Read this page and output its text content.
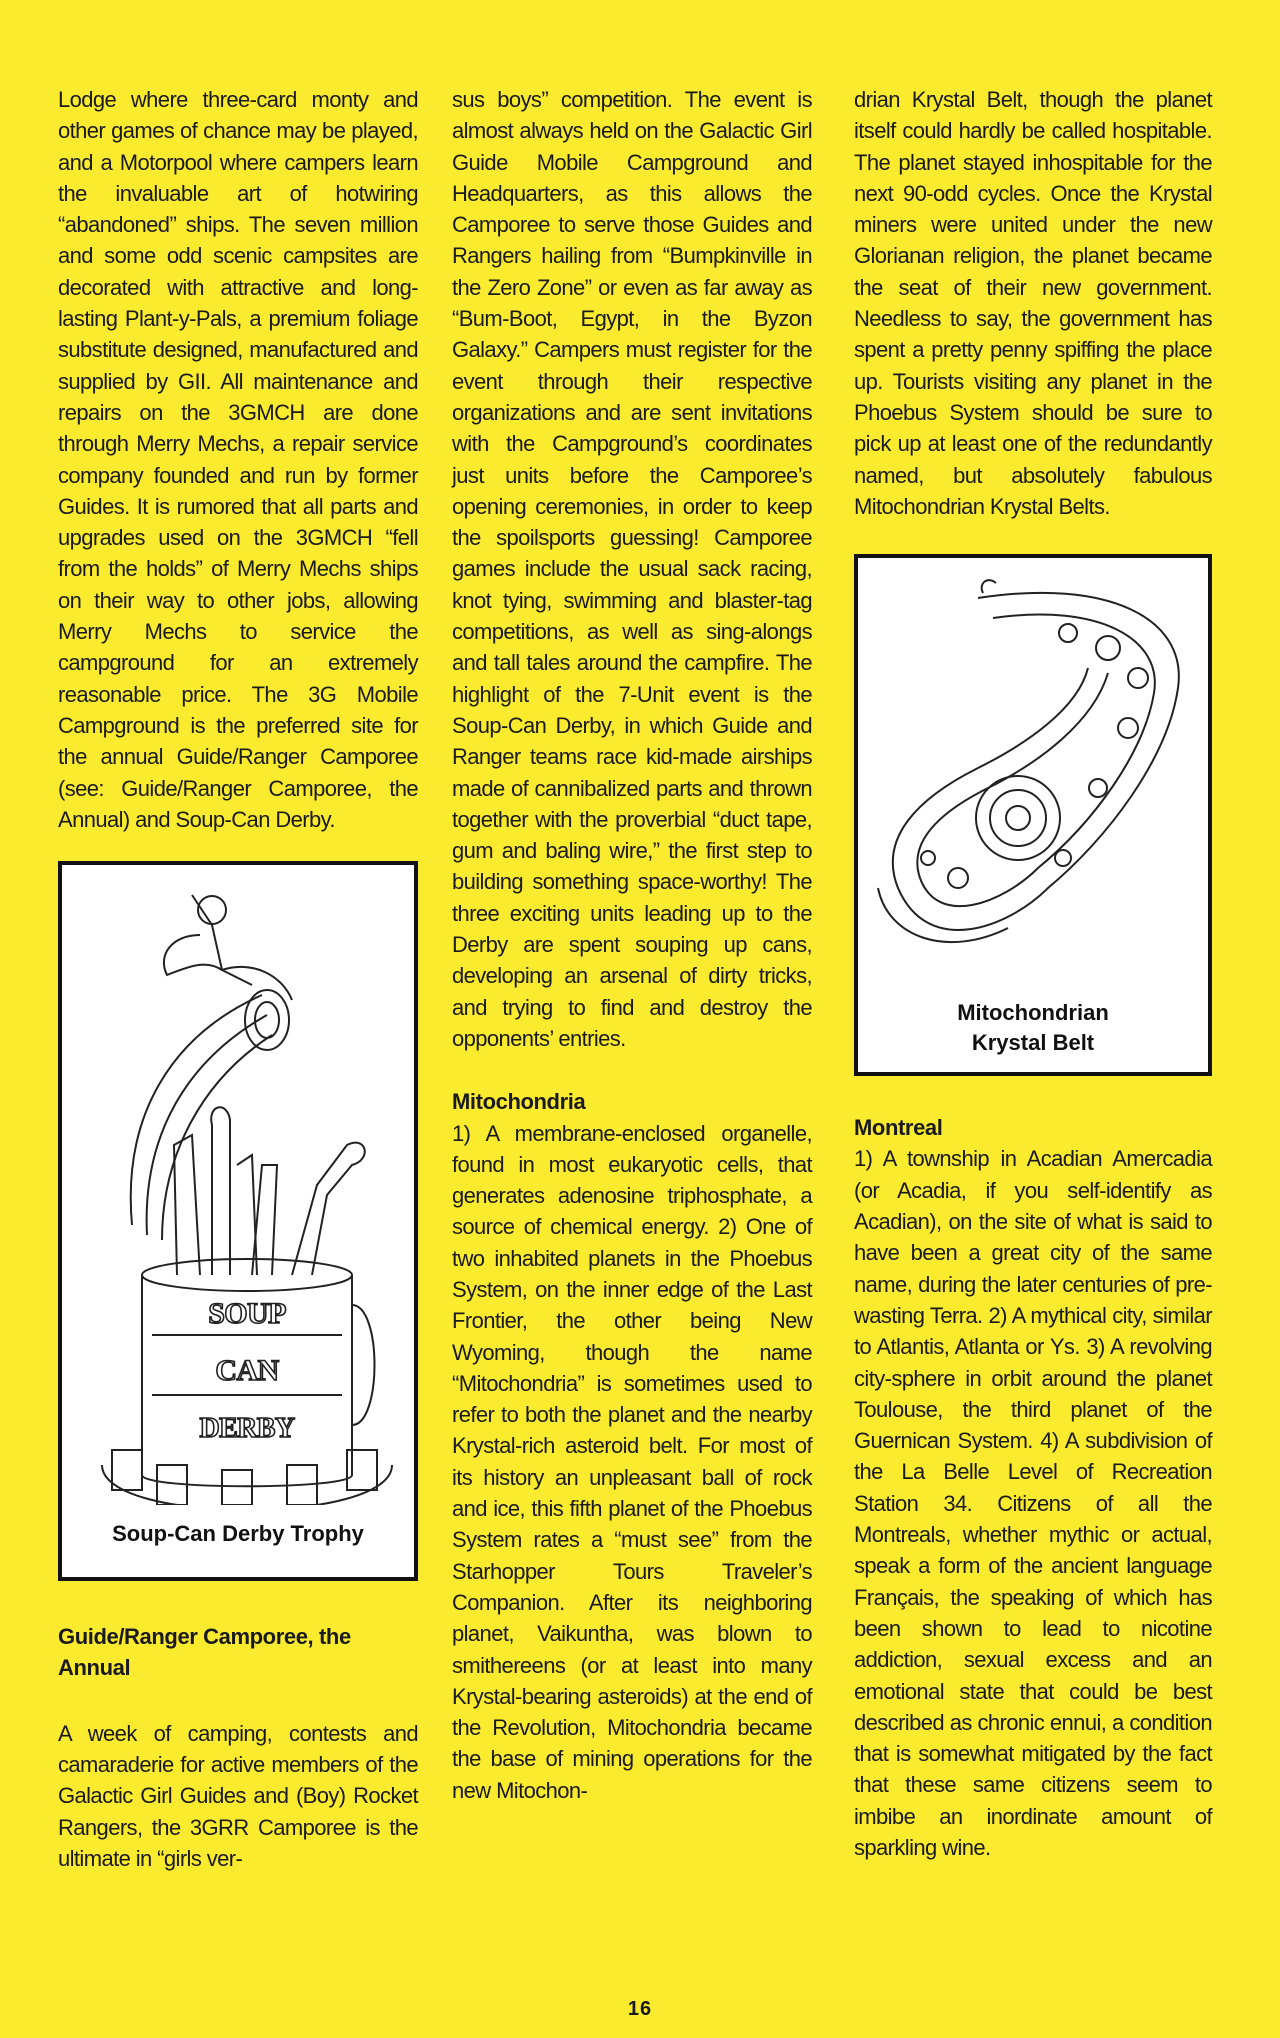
Lodge where three-card monty and other games of chance may be played, and a Motorpool where campers learn the invaluable art of hotwiring “abandoned” ships. The seven million and some odd scenic campsites are decorated with attractive and long-lasting Plant-y-Pals, a premium foliage substitute designed, manufactured and supplied by GII. All maintenance and repairs on the 3GMCH are done through Merry Mechs, a repair service company founded and run by former Guides. It is rumored that all parts and upgrades used on the 3GMCH “fell from the holds” of Merry Mechs ships on their way to other jobs, allowing Merry Mechs to service the campground for an extremely reasonable price. The 3G Mobile Campground is the preferred site for the annual Guide/Ranger Camporee (see: Guide/Ranger Camporee, the Annual) and Soup-Can Derby.

SOUP
CAN
DERBY
Soup-Can Derby Trophy

Guide/Ranger Camporee, the Annual

A week of camping, contests and camaraderie for active members of the Galactic Girl Guides and (Boy) Rocket Rangers, the 3GRR Camporee is the ultimate in “girls ver-

sus boys” competition. The event is almost always held on the Galactic Girl Guide Mobile Campground and Headquarters, as this allows the Camporee to serve those Guides and Rangers hailing from “Bumpkinville in the Zero Zone” or even as far away as “Bum-Boot, Egypt, in the Byzon Galaxy.” Campers must register for the event through their respective organizations and are sent invitations with the Campground’s coordinates just units before the Camporee’s opening ceremonies, in order to keep the spoilsports guessing! Camporee games include the usual sack racing, knot tying, swimming and blaster-tag competitions, as well as sing-alongs and tall tales around the campfire. The highlight of the 7-Unit event is the Soup-Can Derby, in which Guide and Ranger teams race kid-made airships made of cannibalized parts and thrown together with the proverbial “duct tape, gum and baling wire,” the first step to building something space-worthy! The three exciting units leading up to the Derby are spent souping up cans, developing an arsenal of dirty tricks, and trying to find and destroy the opponents’ entries.

Mitochondria

1) A membrane-enclosed organelle, found in most eukaryotic cells, that generates adenosine triphosphate, a source of chemical energy. 2) One of two inhabited planets in the Phoebus System, on the inner edge of the Last Frontier, the other being New Wyoming, though the name “Mitochondria” is sometimes used to refer to both the planet and the nearby Krystal-rich asteroid belt. For most of its history an unpleasant ball of rock and ice, this fifth planet of the Phoebus System rates a “must see” from the Starhopper Tours Traveler’s Companion. After its neighboring planet, Vaikuntha, was blown to smithereens (or at least into many Krystal-bearing asteroids) at the end of the Revolution, Mitochondria became the base of mining operations for the new Mitochon-

drian Krystal Belt, though the planet itself could hardly be called hospitable. The planet stayed inhospitable for the next 90-odd cycles. Once the Krystal miners were united under the new Glorianan religion, the planet became the seat of their new government. Needless to say, the government has spent a pretty penny spiffing the place up. Tourists visiting any planet in the Phoebus System should be sure to pick up at least one of the redundantly named, but absolutely fabulous Mitochondrian Krystal Belts.

Mitochondrian
Krystal Belt

Montreal

1) A township in Acadian Amercadia (or Acadia, if you self-identify as Acadian), on the site of what is said to have been a great city of the same name, during the later centuries of pre-wasting Terra. 2) A mythical city, similar to Atlantis, Atlanta or Ys. 3) A revolving city-sphere in orbit around the planet Toulouse, the third planet of the Guernican System. 4) A subdivision of the La Belle Level of Recreation Station 34. Citizens of all the Montreals, whether mythic or actual, speak a form of the ancient language Français, the speaking of which has been shown to lead to nicotine addiction, sexual excess and an emotional state that could be best described as chronic ennui, a condition that is somewhat mitigated by the fact that these same citizens seem to imbibe an inordinate amount of sparkling wine.

16
